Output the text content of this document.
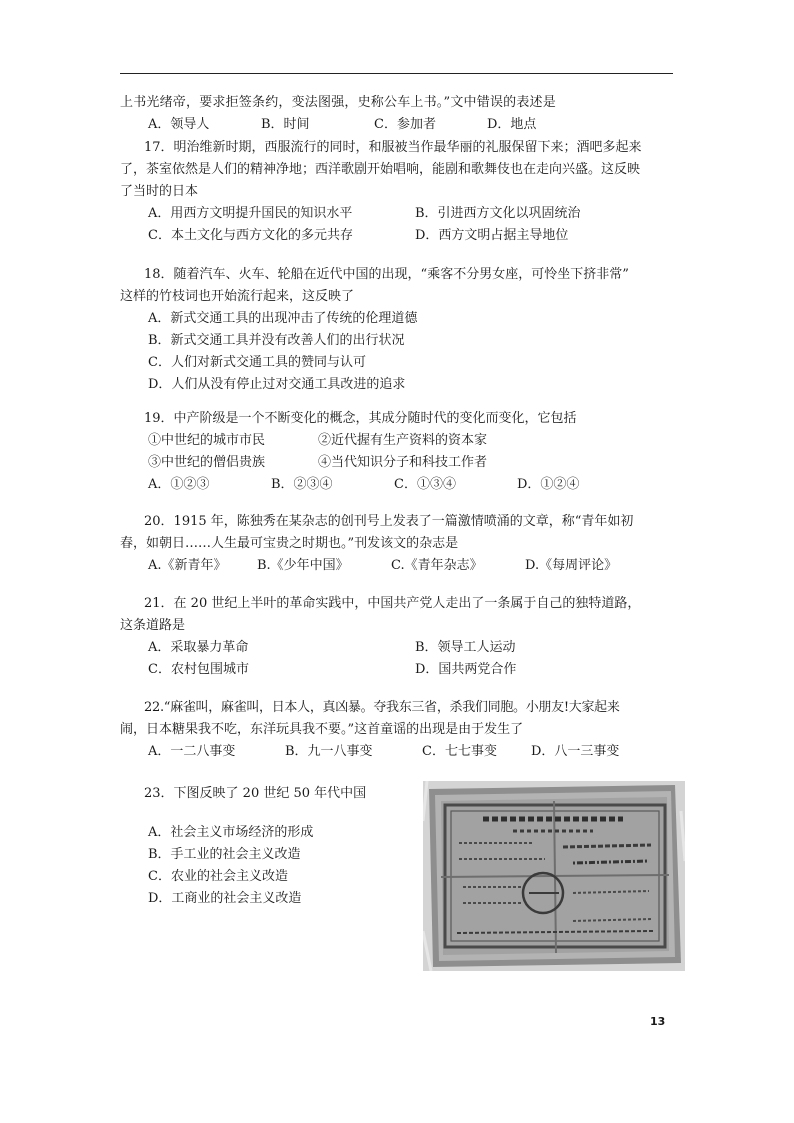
上书光绪帝，要求拒签条约，变法图强，史称公车上书。”文中错误的表述是
A．领导人	B．时间	C．参加者	D．地点
17．明治维新时期，西服流行的同时，和服被当作最华丽的礼服保留下来；酒吧多起来
了，茶室依然是人们的精神净地；西洋歌剧开始唱响，能剧和歌舞伎也在走向兴盛。这反映
了当时的日本
A．用西方文明提升国民的知识水平	B．引进西方文化以巩固统治
C．本土文化与西方文化的多元共存	D．西方文明占据主导地位
18．随着汽车、火车、轮船在近代中国的出现，“乘客不分男女座，可怜坐下挤非常”
这样的竹枝词也开始流行起来，这反映了
A．新式交通工具的出现冲击了传统的伦理道德
B．新式交通工具并没有改善人们的出行状况
C．人们对新式交通工具的赞同与认可
D．人们从没有停止过对交通工具改进的追求
19．中产阶级是一个不断变化的概念，其成分随时代的变化而变化，它包括
①中世纪的城市市民	②近代握有生产资料的资本家
③中世纪的僧侣贵族	④当代知识分子和科技工作者
A．①②③	B．②③④	C．①③④	D．①②④
20．1915 年，陈独秀在某杂志的创刊号上发表了一篇激情喷涌的文章，称“青年如初
春，如朝日……人生最可宝贵之时期也。”刊发该文的杂志是
A.《新青年》	B.《少年中国》	C.《青年杂志》	D.《每周评论》
21．在 20 世纪上半叶的革命实践中，中国共产党人走出了一条属于自己的独特道路，
这条道路是
A．采取暴力革命	B．领导工人运动
C．农村包围城市	D．国共两党合作
22.“麻雀叫，麻雀叫，日本人，真凶暴。夺我东三省，杀我们同胞。小朋友!大家起来
闹，日本糖果我不吃，东洋玩具我不要。”这首童谣的出现是由于发生了
A．一二八事变	B．九一八事变	C．七七事变	D．八一三事变
23．下图反映了 20 世纪 50 年代中国
A．社会主义市场经济的形成
B．手工业的社会主义改造
C．农业的社会主义改造
D．工商业的社会主义改造
13
